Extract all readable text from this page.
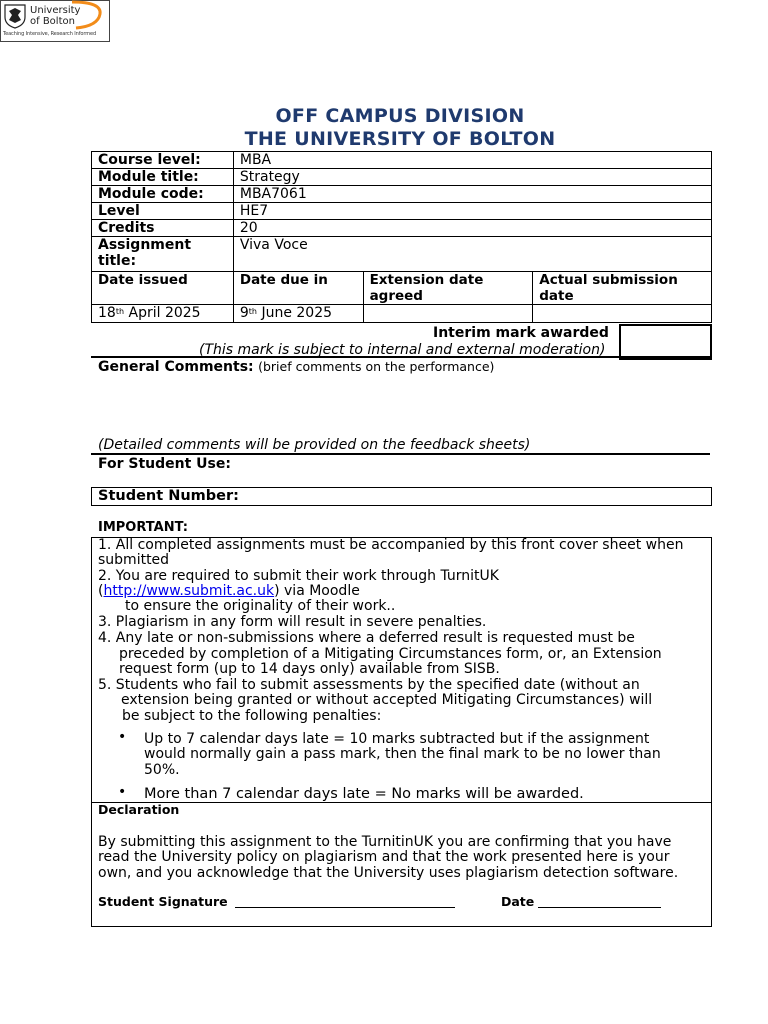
University
of Bolton
Teaching Intensive, Research Informed
OFF CAMPUS DIVISION
THE UNIVERSITY OF BOLTON
Course level:	MBA		
Module title:	Strategy		
Module code:	MBA7061		
Level	HE7		
Credits	20		
Assignment title:	Viva Voce		
Date issued	Date due in	Extension date agreed	Actual submission date
18th April 2025	9th June 2025		
Interim mark awarded
(This mark is subject to internal and external moderation)
General Comments: (brief comments on the performance)
(Detailed comments will be provided on the feedback sheets)
For Student Use:
Student Number:
IMPORTANT:
1. All completed assignments must be accompanied by this front cover sheet when
submitted
2. You are required to submit their work through TurnitUK
(http://www.submit.ac.uk) via Moodle
to ensure the originality of their work..
3. Plagiarism in any form will result in severe penalties.
4. Any late or non-submissions where a deferred result is requested must be
preceded by completion of a Mitigating Circumstances form, or, an Extension
request form (up to 14 days only) available from SISB.
5. Students who fail to submit assessments by the specified date (without an
extension being granted or without accepted Mitigating Circumstances) will
be subject to the following penalties:
• Up to 7 calendar days late = 10 marks subtracted but if the assignment
would normally gain a pass mark, then the final mark to be no lower than
50%.
• More than 7 calendar days late = No marks will be awarded.
Declaration
By submitting this assignment to the TurnitinUK you are confirming that you have
read the University policy on plagiarism and that the work presented here is your
own, and you acknowledge that the University uses plagiarism detection software.
Student Signature	Date
